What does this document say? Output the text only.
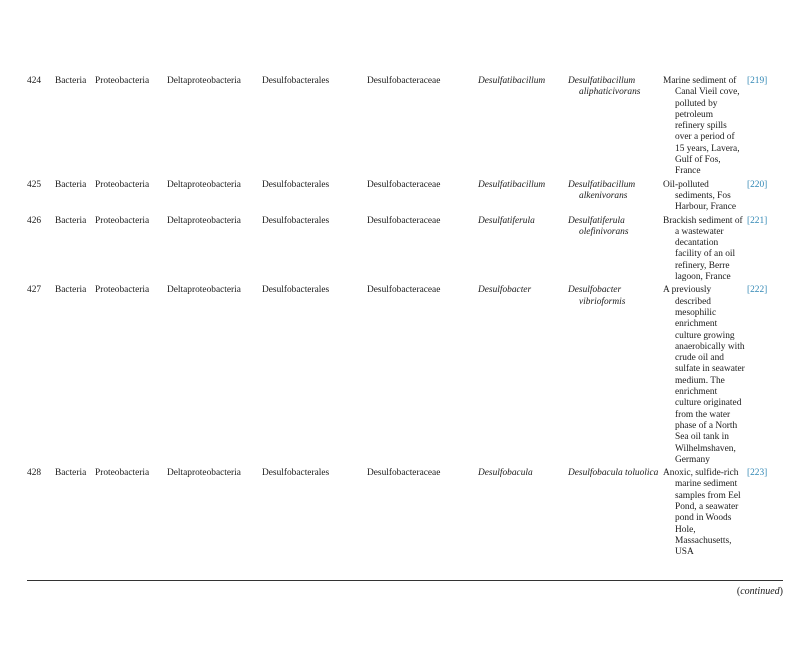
424	Bacteria	Proteobacteria	Deltaproteobacteria	Desulfobacterales	Desulfobacteraceae	Desulfatibacillum	Desulfatibacillum aliphaticivorans	Marine sediment of Canal Vieil cove, polluted by petroleum refinery spills over a period of 15 years, Lavera, Gulf of Fos, France	[219]
425	Bacteria	Proteobacteria	Deltaproteobacteria	Desulfobacterales	Desulfobacteraceae	Desulfatibacillum	Desulfatibacillum alkenivorans	Oil-polluted sediments, Fos Harbour, France	[220]
426	Bacteria	Proteobacteria	Deltaproteobacteria	Desulfobacterales	Desulfobacteraceae	Desulfatiferula	Desulfatiferula olefinivorans	Brackish sediment of a wastewater decantation facility of an oil refinery, Berre lagoon, France	[221]
427	Bacteria	Proteobacteria	Deltaproteobacteria	Desulfobacterales	Desulfobacteraceae	Desulfobacter	Desulfobacter vibrioformis	A previously described mesophilic enrichment culture growing anaerobically with crude oil and sulfate in seawater medium. The enrichment culture originated from the water phase of a North Sea oil tank in Wilhelmshaven, Germany	[222]
428	Bacteria	Proteobacteria	Deltaproteobacteria	Desulfobacterales	Desulfobacteraceae	Desulfobacula	Desulfobacula toluolica	Anoxic, sulfide-rich marine sediment samples from Eel Pond, a seawater pond in Woods Hole, Massachusetts, USA	[223]
(continued)
